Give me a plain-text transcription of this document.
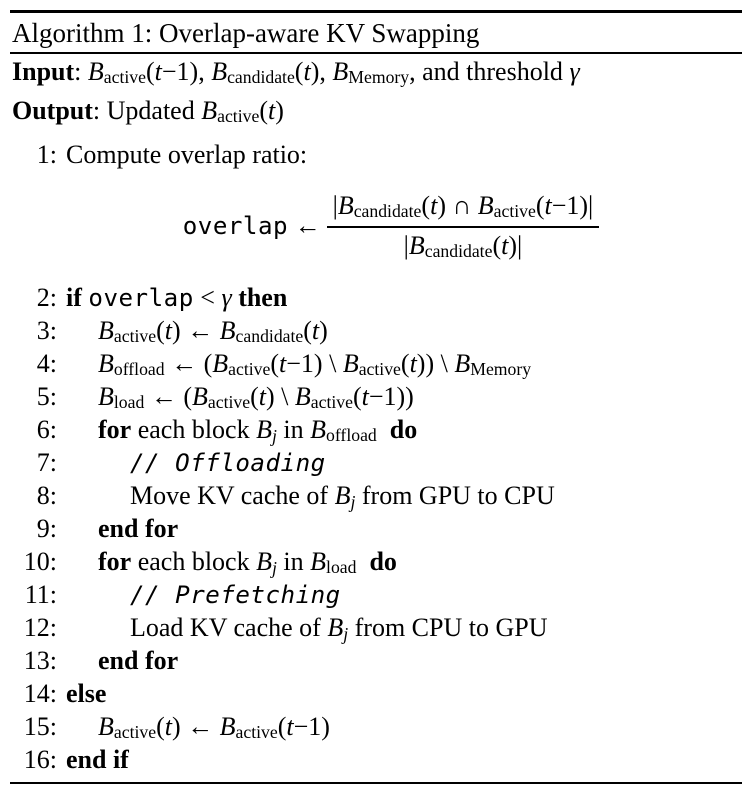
Algorithm 1: Overlap-aware KV Swapping
Input: Bactive(t−1), Bcandidate(t), BMemory, and threshold γ
Output: Updated Bactive(t)
1: Compute overlap ratio:
overlap ← $\frac{\text{|Bcandidate(t) ∩ Bactive(t−1)|}}{\text{|Bcandidate(t)|}}$
2: if overlap < γ then
3:	Bactive(t) ← Bcandidate(t)
4:	Boffload ← (Bactive(t−1) \ Bactive(t)) \ BMemory
5:	Bload ← (Bactive(t) \ Bactive(t−1))
6:	for each block Bj in Boffload do
7:	// Offloading
8:	Move KV cache of Bj from GPU to CPU
9:	end for
10:	for each block Bj in Bload do
11:	// Prefetching
12:	Load KV cache of Bj from CPU to GPU
13:	end for
14: else
15:	Bactive(t) ← Bactive(t−1)
16: end if
